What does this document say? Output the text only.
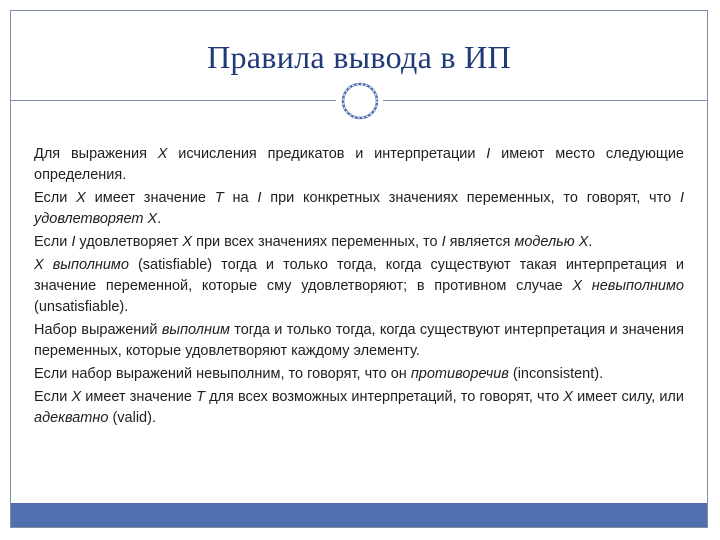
Правила вывода в ИП

Для выражения X исчисления предикатов и интерпретации I имеют место следующие определения.

Если X имеет значение T на I при конкретных значениях переменных, то говорят, что I удовлетворяет X.

Если I удовлетворяет X при всех значениях переменных, то I является моделью X.

X выполнимо (satisfiable) тогда и только тогда, когда существуют такая интерпретация и значение переменной, которые сму удовлетворяют; в противном случае X невыполнимо (unsatisfiable).

Набор выражений выполним тогда и только тогда, когда существуют интерпретация и значения переменных, которые удовлетворяют каждому элементу.

Если набор выражений невыполним, то говорят, что он противоречив (inconsistent).

Если X имеет значение T для всех возможных интерпретаций, то говорят, что X имеет силу, или адекватно (valid).
